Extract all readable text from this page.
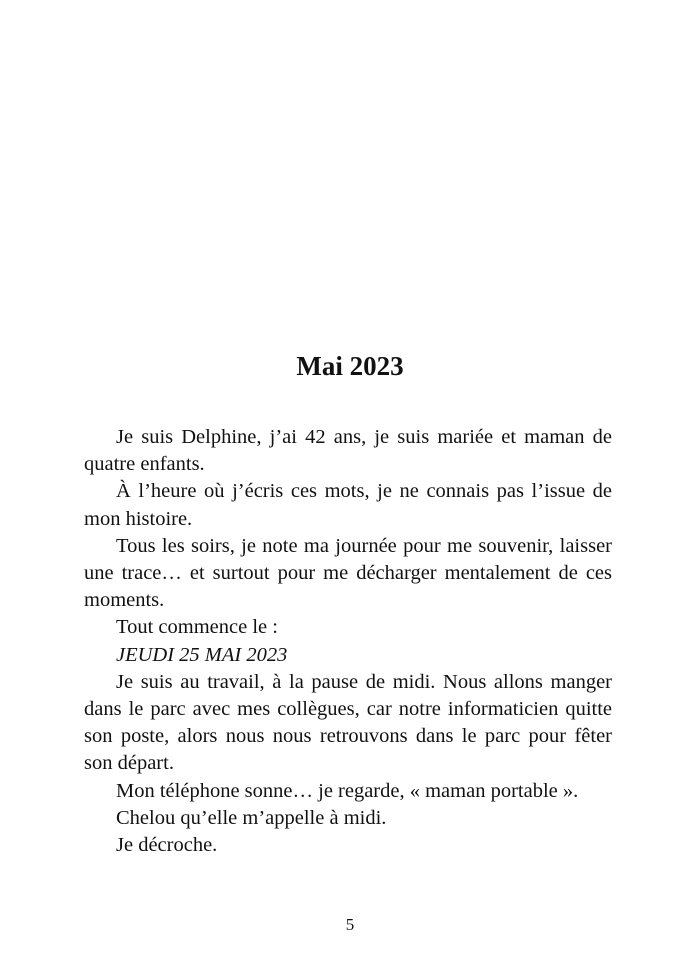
Mai 2023

Je suis Delphine, j’ai 42 ans, je suis mariée et maman de quatre enfants.

À l’heure où j’écris ces mots, je ne connais pas l’issue de mon histoire.

Tous les soirs, je note ma journée pour me souvenir, laisser une trace… et surtout pour me décharger mentalement de ces moments.

Tout commence le :

JEUDI 25 MAI 2023

Je suis au travail, à la pause de midi. Nous allons manger dans le parc avec mes collègues, car notre informaticien quitte son poste, alors nous nous retrouvons dans le parc pour fêter son départ.

Mon téléphone sonne… je regarde, « maman portable ».

Chelou qu’elle m’appelle à midi.

Je décroche.

5
